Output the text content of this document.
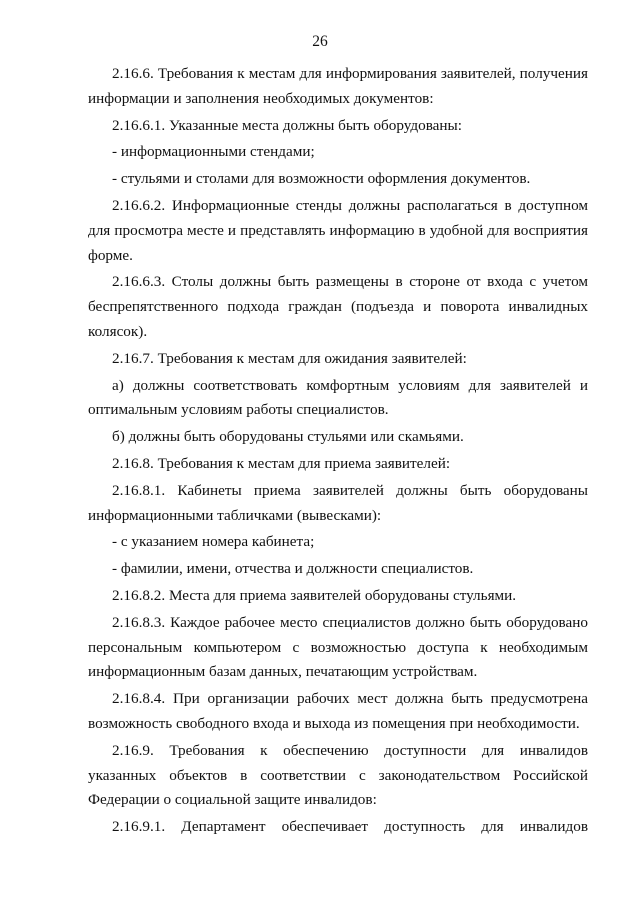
26

2.16.6. Требования к местам для информирования заявителей, получения
информации и заполнения необходимых документов:

2.16.6.1. Указанные места должны быть оборудованы:

- информационными стендами;

- стульями и столами для возможности оформления документов.

2.16.6.2. Информационные стенды должны располагаться в доступном
для просмотра месте и представлять информацию в удобной для восприятия
форме.

2.16.6.3. Столы должны быть размещены в стороне от входа с учетом
беспрепятственного подхода граждан (подъезда и поворота инвалидных
колясок).

2.16.7. Требования к местам для ожидания заявителей:

а) должны соответствовать комфортным условиям для заявителей и
оптимальным условиям работы специалистов.

б) должны быть оборудованы стульями или скамьями.

2.16.8. Требования к местам для приема заявителей:

2.16.8.1. Кабинеты приема заявителей должны быть оборудованы
информационными табличками (вывесками):

- с указанием номера кабинета;

- фамилии, имени, отчества и должности специалистов.

2.16.8.2. Места для приема заявителей оборудованы стульями.

2.16.8.3. Каждое рабочее место специалистов должно быть оборудовано
персональным компьютером с возможностью доступа к необходимым
информационным базам данных, печатающим устройствам.

2.16.8.4. При организации рабочих мест должна быть предусмотрена
возможность свободного входа и выхода из помещения при необходимости.

2.16.9. Требования к обеспечению доступности для инвалидов
указанных объектов в соответствии с законодательством Российской
Федерации о социальной защите инвалидов:

2.16.9.1. Департамент обеспечивает доступность для инвалидов
